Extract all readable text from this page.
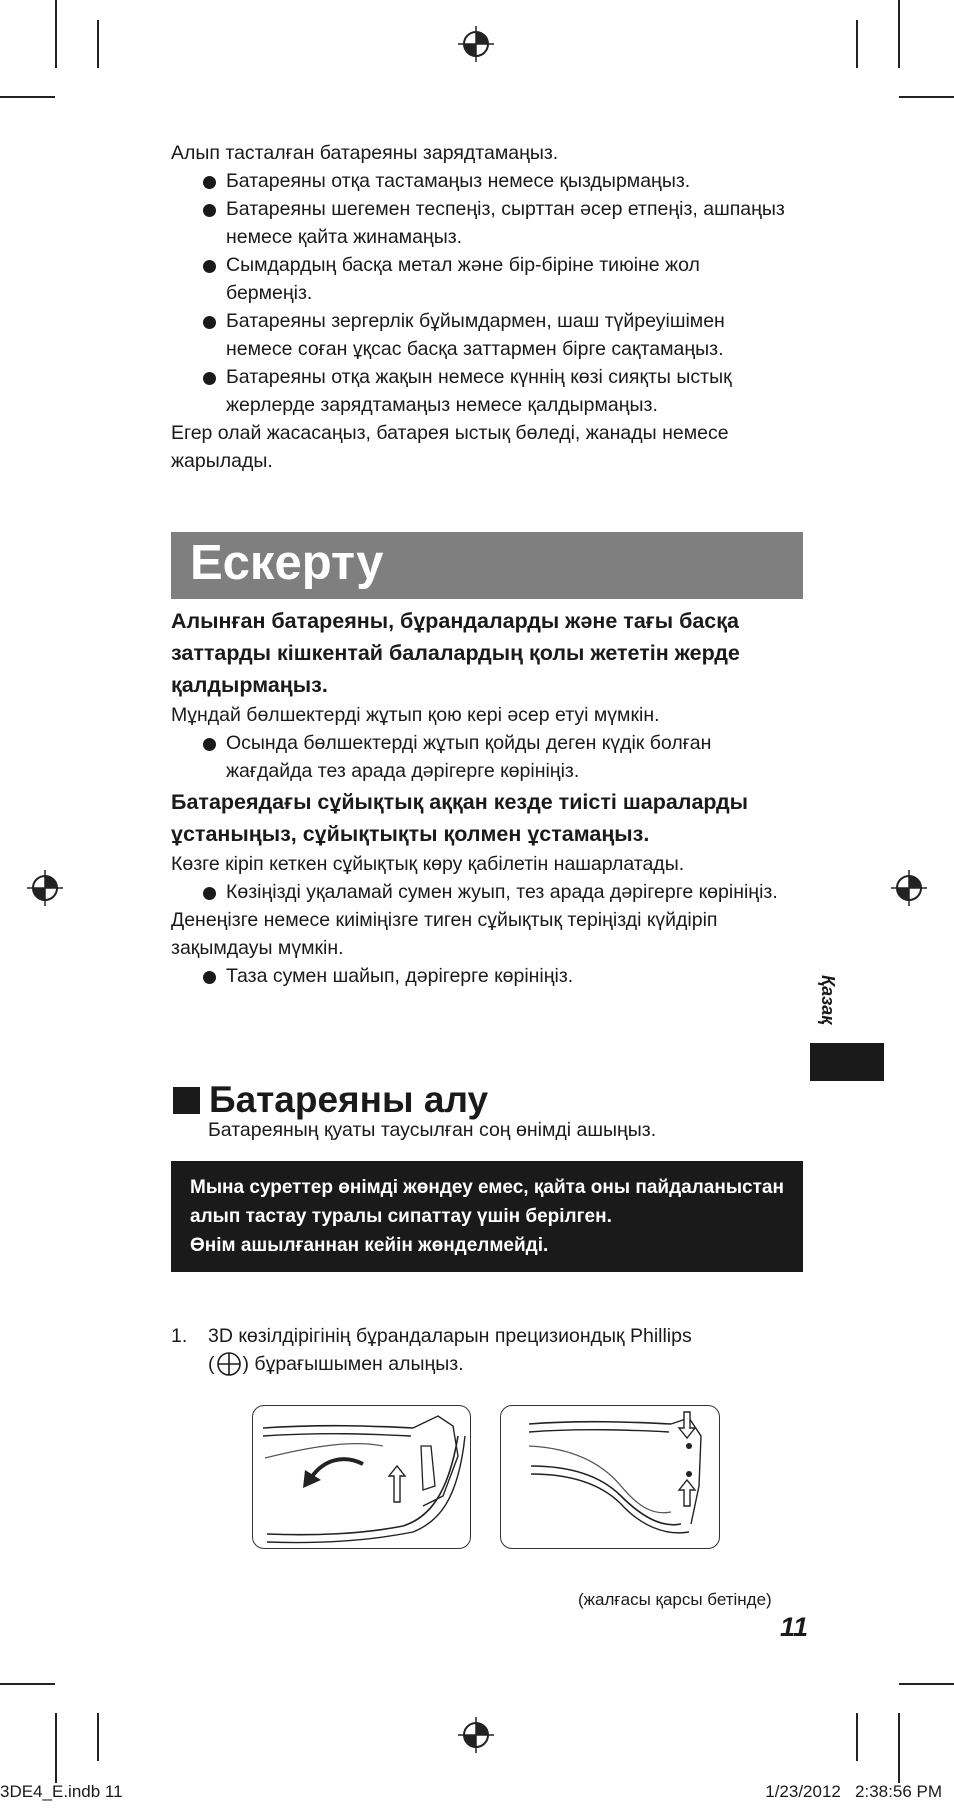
Алып тасталған батареяны зарядтамаңыз.

Батареяны отқа тастамаңыз немесе қыздырмаңыз.
Батареяны шегемен теспеңіз, сырттан әсер етпеңіз, ашпаңыз немесе қайта жинамаңыз.
Сымдардың басқа метал және бір-біріне тиюіне жол бермеңіз.
Батареяны зергерлік бұйымдармен, шаш түйреуішімен немесе соған ұқсас басқа заттармен бірге сақтамаңыз.
Батареяны отқа жақын немесе күннің көзі сияқты ыстық жерлерде зарядтамаңыз немесе қалдырмаңыз.

Егер олай жасасаңыз, батарея ыстық бөледі, жанады немесе жарылады.

Ескерту
Алынған батареяны, бұрандаларды және тағы басқа заттарды кішкентай балалардың қолы жететін жерде қалдырмаңыз.

Мұндай бөлшектерді жұтып қою кері әсер етуі мүмкін.

Осында бөлшектерді жұтып қойды деген күдік болған жағдайда тез арада дәрігерге көрініңіз.
Батареядағы сұйықтық аққан кезде тиісті шараларды ұстаныңыз, сұйықтықты қолмен ұстамаңыз.

Көзге кіріп кеткен сұйықтық көру қабілетін нашарлатады.

Көзіңізді уқаламай сумен жуып, тез арада дәрігерге көрініңіз.

Денеңізге немесе киіміңізге тиген сұйықтық теріңізді күйдіріп зақымдауы мүмкін.

Таза сумен шайып, дәрігерге көрініңіз.
Батареяны алу
Батареяның қуаты таусылған соң өнімді ашыңыз.
Мына суреттер өнімді жөндеу емес, қайта оны пайдаланыстан алып тастау туралы сипаттау үшін берілген.
Өнім ашылғаннан кейін жөнделмейді.
1. 3D көзілдірігінің бұрандаларын прецизиондық Phillips
( ) бұрағышымен алыңыз.
Қазақ
(жалғасы қарсы бетінде)
11
3DE4_E.indb 11	1/23/2012   2:38:56 PM
